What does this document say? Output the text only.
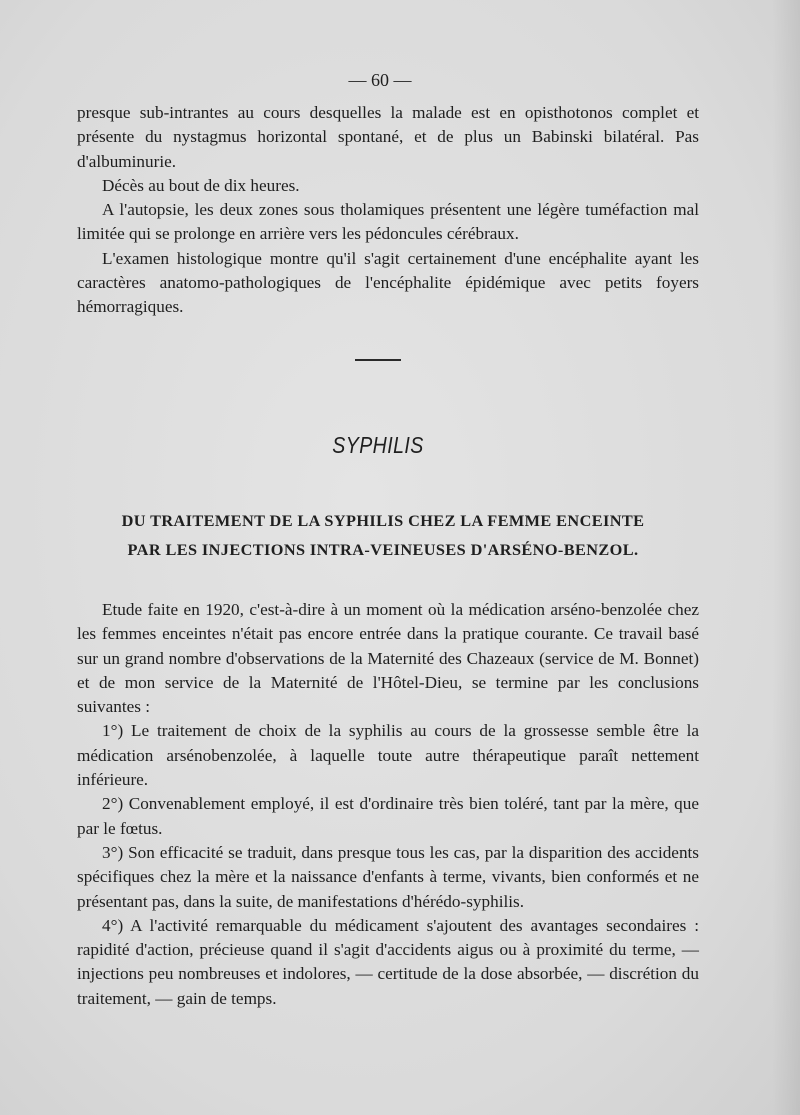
— 60 —

presque sub-intrantes au cours desquelles la malade est en opisthotonos complet et présente du nystagmus horizontal spontané, et de plus un Babinski bilatéral. Pas d'albuminurie.

Décès au bout de dix heures.

A l'autopsie, les deux zones sous tholamiques présentent une légère tuméfaction mal limitée qui se prolonge en arrière vers les pédoncules cérébraux.

L'examen histologique montre qu'il s'agit certainement d'une encéphalite ayant les caractères anatomo-pathologiques de l'encéphalite épidémique avec petits foyers hémorragiques.

SYPHILIS
DU TRAITEMENT DE LA SYPHILIS CHEZ LA FEMME ENCEINTE
PAR LES INJECTIONS INTRA-VEINEUSES D'ARSÉNO-BENZOL.

Etude faite en 1920, c'est-à-dire à un moment où la médication arséno-benzolée chez les femmes enceintes n'était pas encore entrée dans la pratique courante. Ce travail basé sur un grand nombre d'observations de la Maternité des Chazeaux (service de M. Bonnet) et de mon service de la Maternité de l'Hôtel-Dieu, se termine par les conclusions suivantes :

1°) Le traitement de choix de la syphilis au cours de la grossesse semble être la médication arsénobenzolée, à laquelle toute autre thérapeutique paraît nettement inférieure.

2°) Convenablement employé, il est d'ordinaire très bien toléré, tant par la mère, que par le fœtus.

3°) Son efficacité se traduit, dans presque tous les cas, par la disparition des accidents spécifiques chez la mère et la naissance d'enfants à terme, vivants, bien conformés et ne présentant pas, dans la suite, de manifestations d'hérédo-syphilis.

4°) A l'activité remarquable du médicament s'ajoutent des avantages secondaires : rapidité d'action, précieuse quand il s'agit d'accidents aigus ou à proximité du terme, — injections peu nombreuses et indolores, — certitude de la dose absorbée, — discrétion du traitement, — gain de temps.
